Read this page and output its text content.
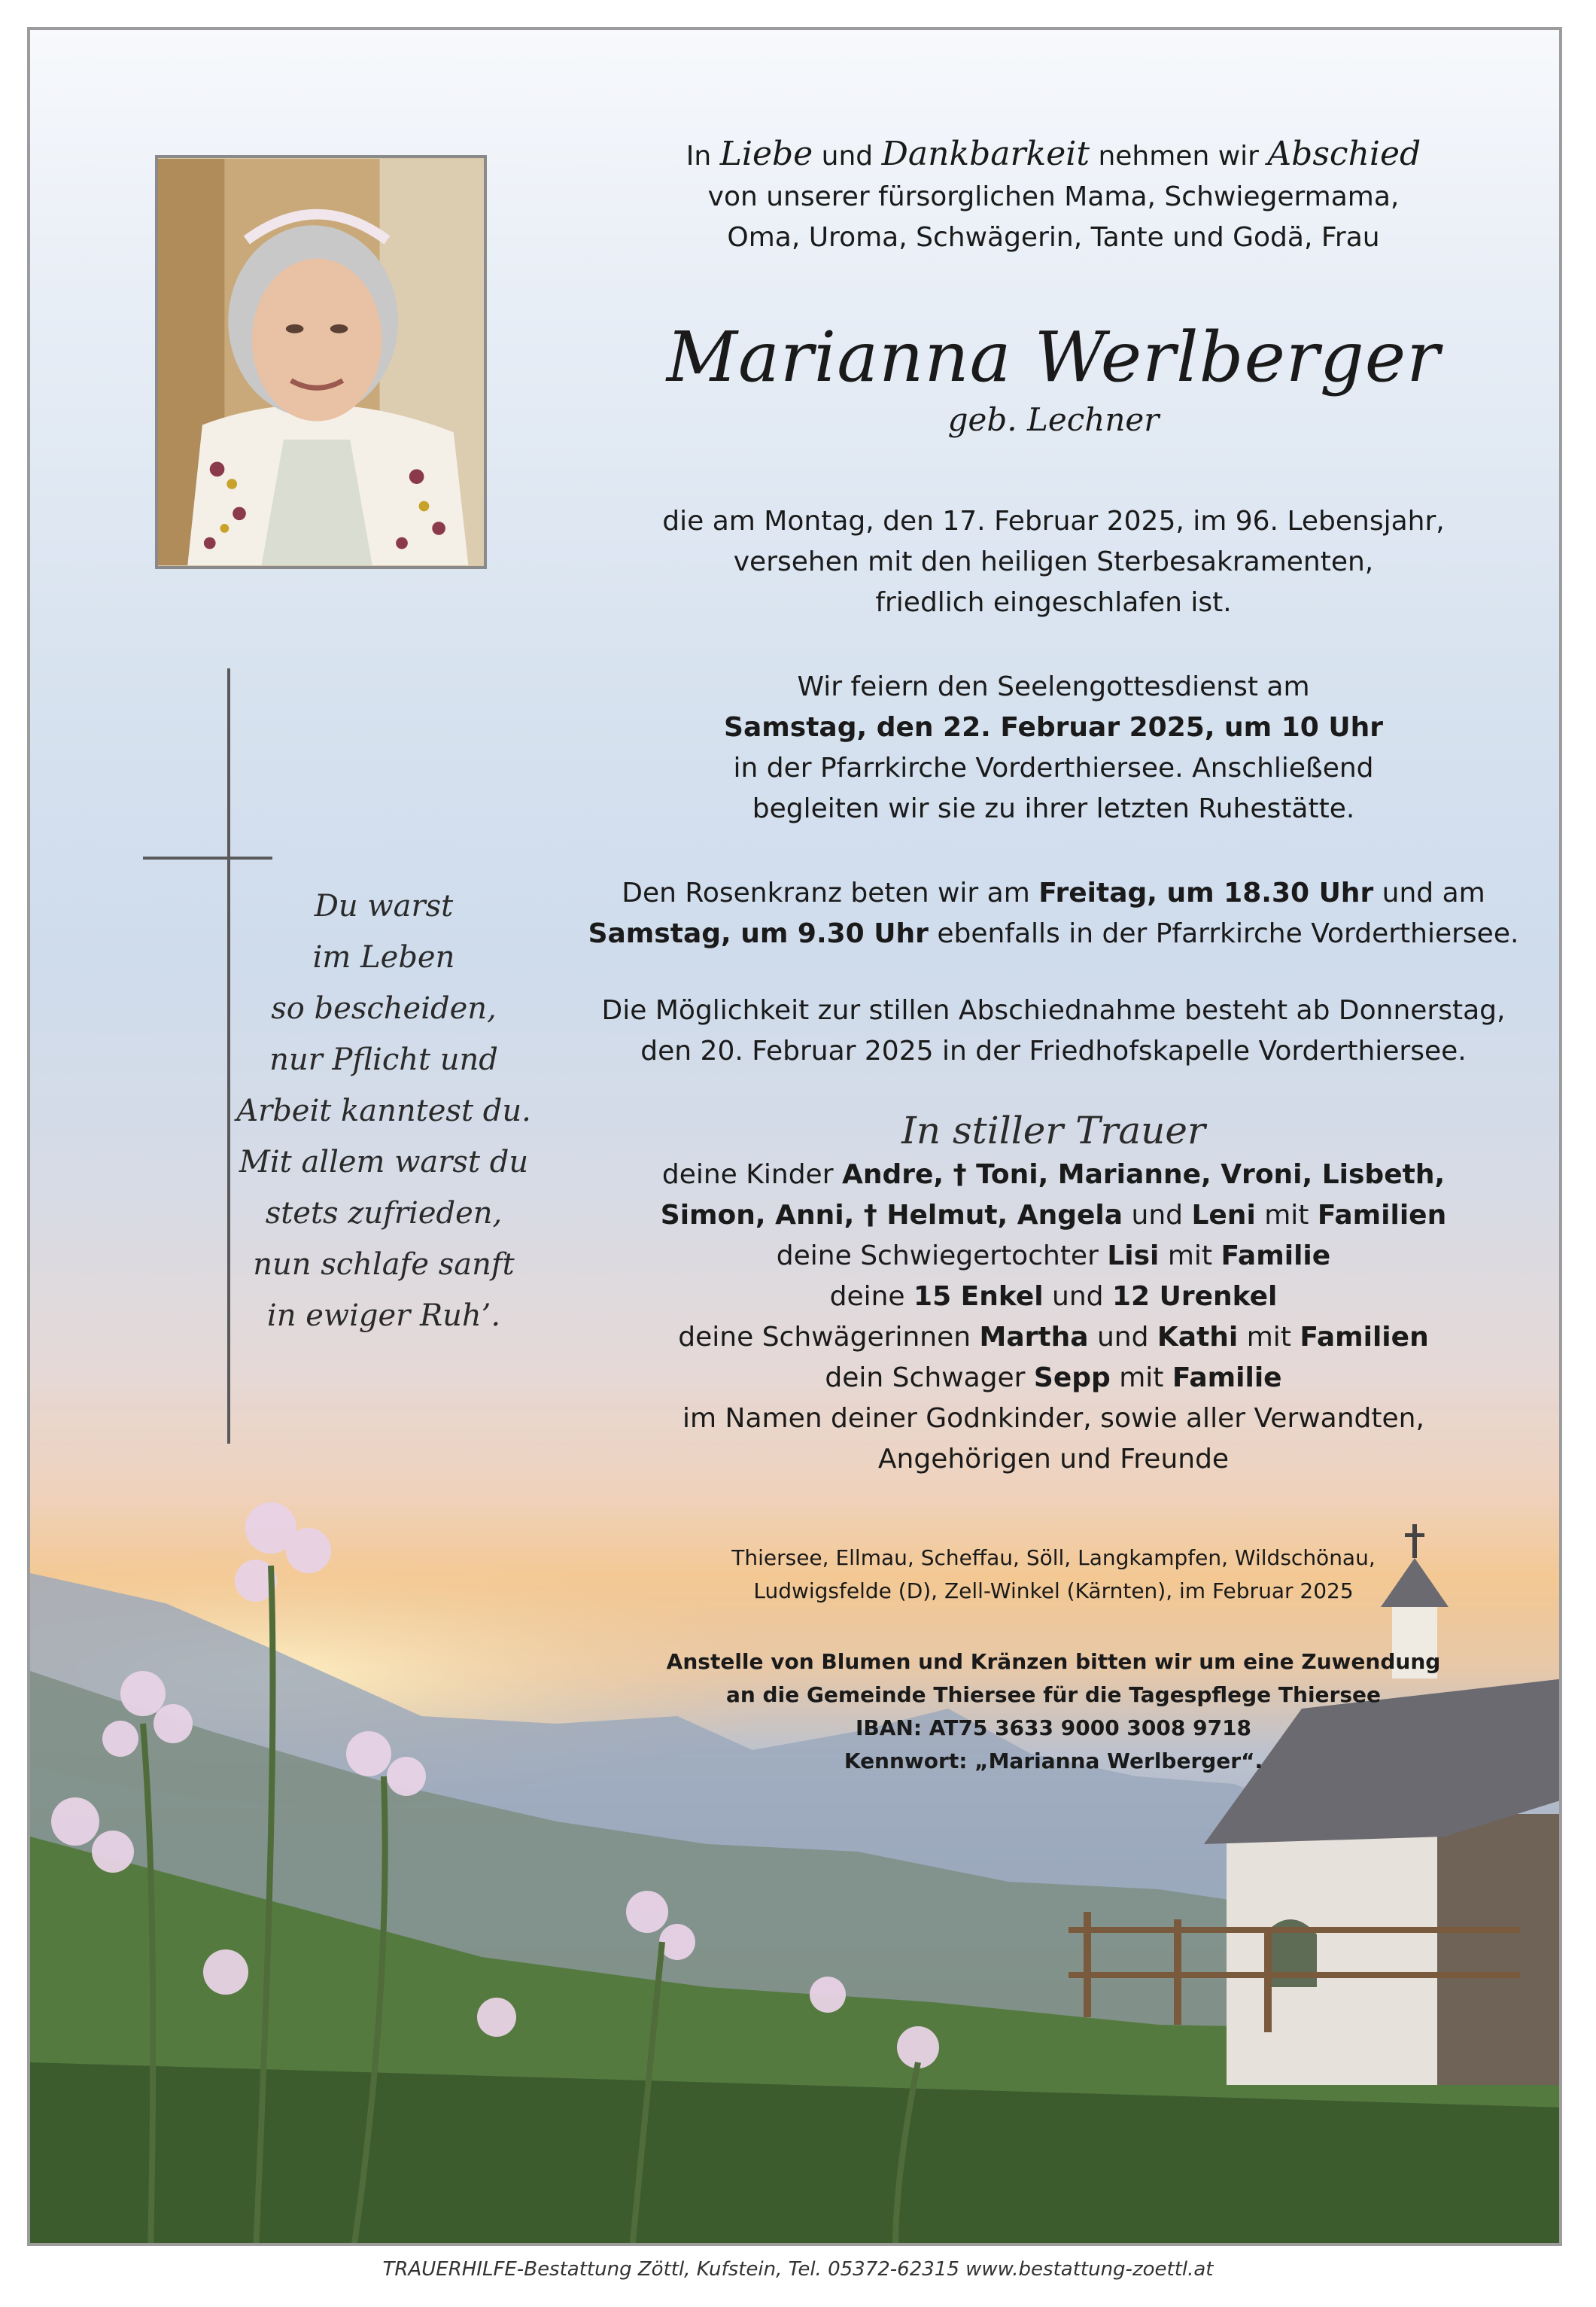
Du warst
im Leben
so bescheiden,
nur Pflicht und
Arbeit kanntest du.
Mit allem warst du
stets zufrieden,
nun schlafe sanft
in ewiger Ruh’.
In Liebe und Dankbarkeit nehmen wir Abschied
von unserer fürsorglichen Mama, Schwiegermama,
Oma, Uroma, Schwägerin, Tante und Godä, Frau
Marianna Werlberger
geb. Lechner
die am Montag, den 17. Februar 2025, im 96. Lebensjahr,
versehen mit den heiligen Sterbesakramenten,
friedlich eingeschlafen ist.
Wir feiern den Seelengottesdienst am
Samstag, den 22. Februar 2025, um 10 Uhr
in der Pfarrkirche Vorderthiersee. Anschließend
begleiten wir sie zu ihrer letzten Ruhestätte.
Den Rosenkranz beten wir am Freitag, um 18.30 Uhr und am
Samstag, um 9.30 Uhr ebenfalls in der Pfarrkirche Vorderthiersee.
Die Möglichkeit zur stillen Abschiednahme besteht ab Donnerstag,
den 20. Februar 2025 in der Friedhofskapelle Vorderthiersee.
In stiller Trauer
deine Kinder Andre, † Toni, Marianne, Vroni, Lisbeth,
Simon, Anni, † Helmut, Angela und Leni mit Familien
deine Schwiegertochter Lisi mit Familie
deine 15 Enkel und 12 Urenkel
deine Schwägerinnen Martha und Kathi mit Familien
dein Schwager Sepp mit Familie
im Namen deiner Godnkinder, sowie aller Verwandten,
Angehörigen und Freunde
Thiersee, Ellmau, Scheffau, Söll, Langkampfen, Wildschönau,
Ludwigsfelde (D), Zell-Winkel (Kärnten), im Februar 2025
Anstelle von Blumen und Kränzen bitten wir um eine Zuwendung
an die Gemeinde Thiersee für die Tagespflege Thiersee
IBAN: AT75 3633 9000 3008 9718
Kennwort: „Marianna Werlberger“.
TRAUERHILFE-Bestattung Zöttl, Kufstein, Tel. 05372-62315 www.bestattung-zoettl.at
